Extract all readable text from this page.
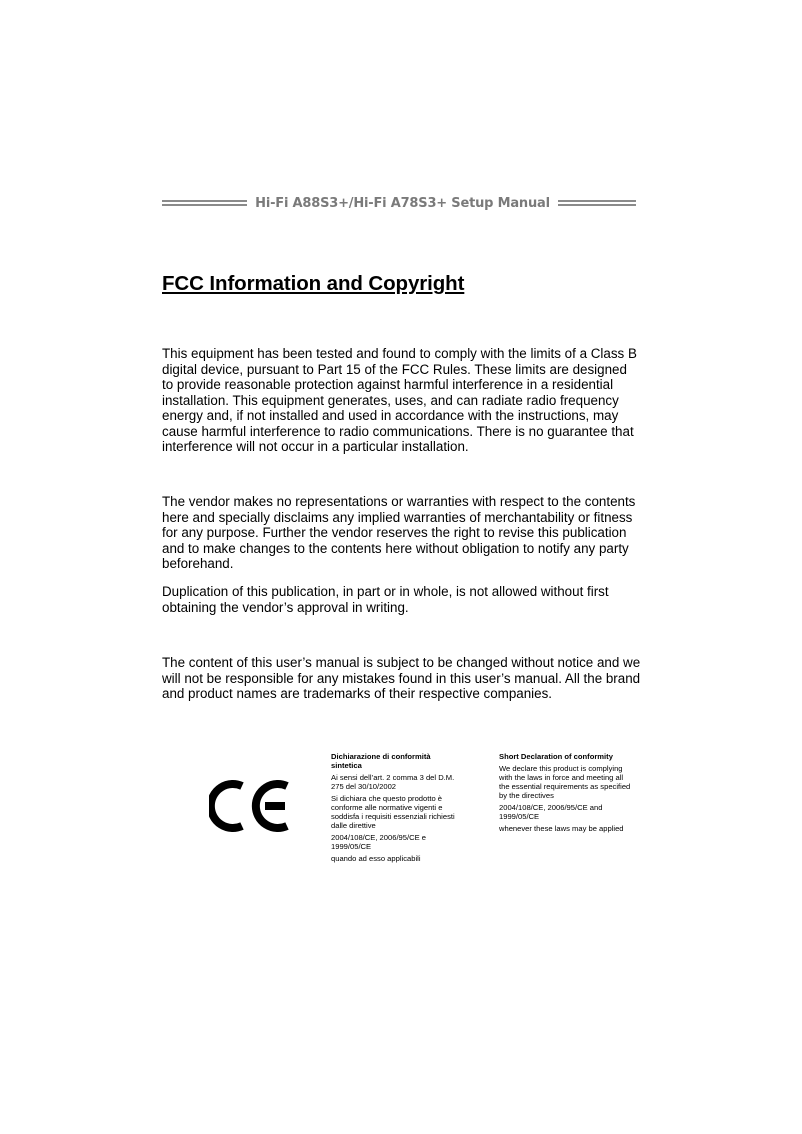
Hi-Fi A88S3+/Hi-Fi A78S3+ Setup Manual
FCC Information and Copyright

This equipment has been tested and found to comply with the limits of a Class B
digital device, pursuant to Part 15 of the FCC Rules. These limits are designed
to provide reasonable protection against harmful interference in a residential
installation. This equipment generates, uses, and can radiate radio frequency
energy and, if not installed and used in accordance with the instructions, may
cause harmful interference to radio communications. There is no guarantee that
interference will not occur in a particular installation.

The vendor makes no representations or warranties with respect to the contents
here and specially disclaims any implied warranties of merchantability or fitness
for any purpose. Further the vendor reserves the right to revise this publication
and to make changes to the contents here without obligation to notify any party
beforehand.

Duplication of this publication, in part or in whole, is not allowed without first
obtaining the vendor’s approval in writing.

The content of this user’s manual is subject to be changed without notice and we
will not be responsible for any mistakes found in this user’s manual. All the brand
and product names are trademarks of their respective companies.

Dichiarazione di conformità
sintetica
Ai sensi dell’art. 2 comma 3 del D.M.
275 del 30/10/2002
Si dichiara che questo prodotto è
conforme alle normative vigenti e
soddisfa i requisiti essenziali richiesti
dalle direttive
2004/108/CE, 2006/95/CE e
1999/05/CE
quando ad esso applicabili
Short Declaration of conformity
We declare this product is complying
with the laws in force and meeting all
the essential requirements as specified
by the directives
2004/108/CE, 2006/95/CE and
1999/05/CE
whenever these laws may be applied
